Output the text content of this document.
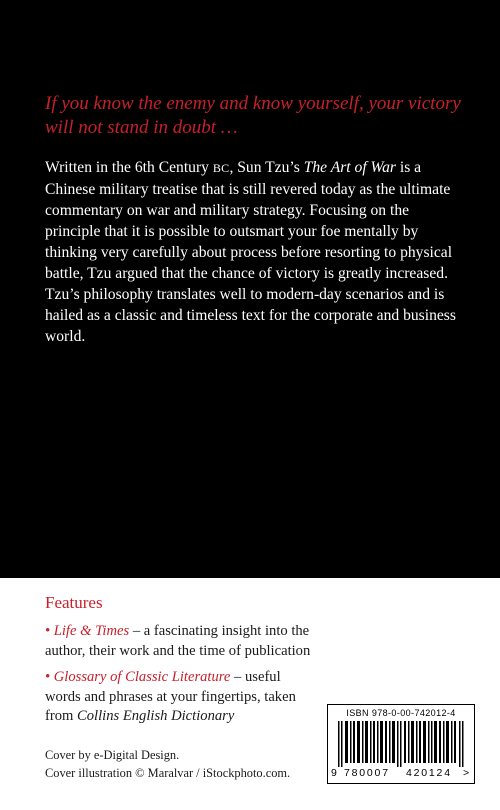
If you know the enemy and know yourself, your victory will not stand in doubt …

Written in the 6th Century BC, Sun Tzu’s The Art of War is a Chinese military treatise that is still revered today as the ultimate commentary on war and military strategy. Focusing on the principle that it is possible to outsmart your foe mentally by thinking very carefully about process before resorting to physical battle, Tzu argued that the chance of victory is greatly increased. Tzu’s philosophy translates well to modern-day scenarios and is hailed as a classic and timeless text for the corporate and business world.

Features

• Life & Times – a fascinating insight into the author, their work and the time of publication

• Glossary of Classic Literature – useful words and phrases at your fingertips, taken from Collins English Dictionary

Cover by e-Digital Design.
Cover illustration © Maralvar / iStockphoto.com.

ISBN 978-0-00-742012-4
9 780007 420124 >
